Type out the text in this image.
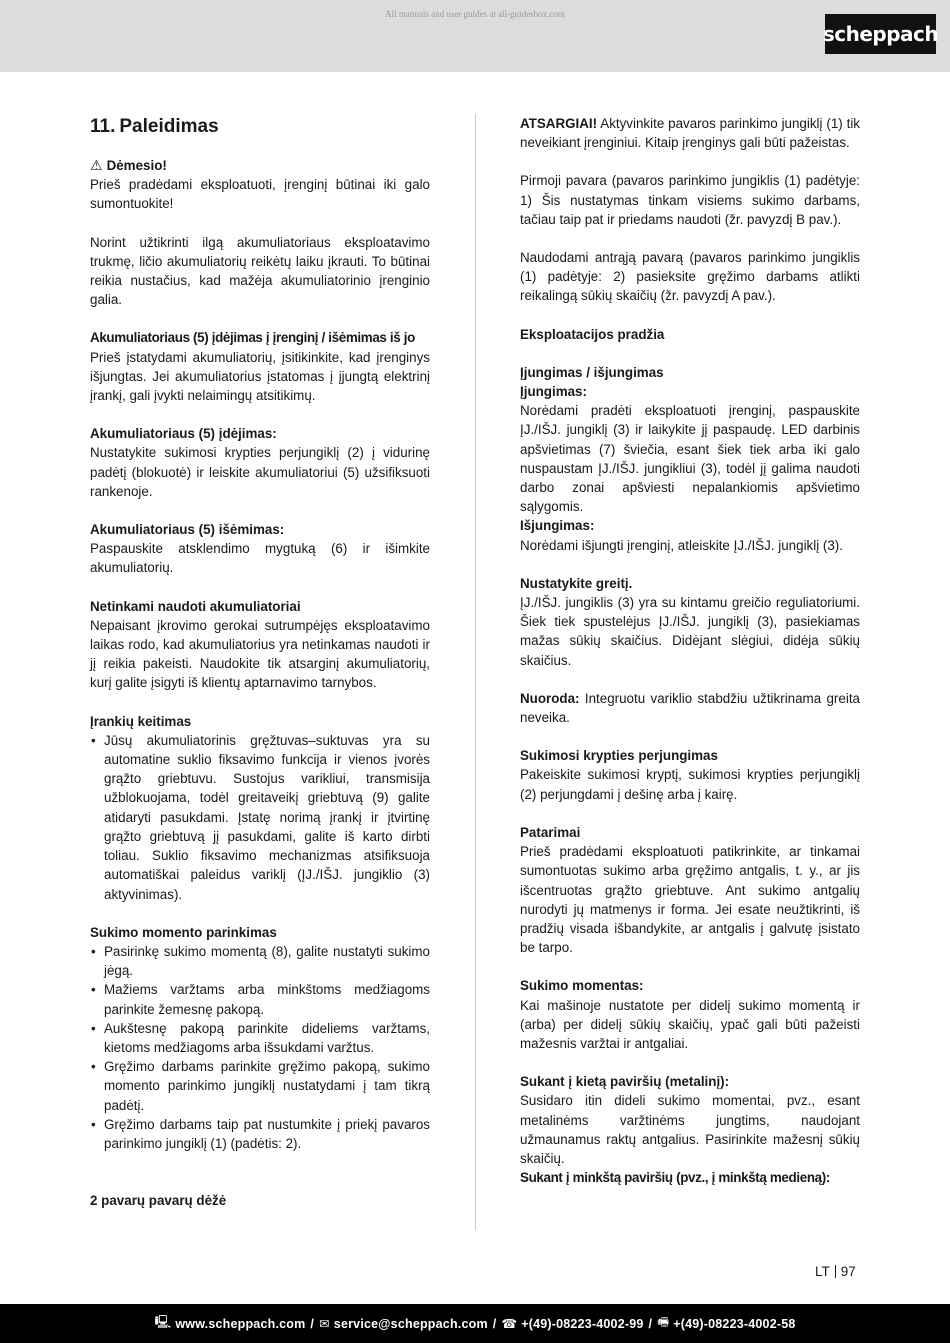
All manuals and user guides at all-guidesbox.com
scheppach
11. Paleidimas

⚠ Dėmesio!

Prieš pradėdami eksploatuoti, įrenginį būtinai iki galo sumontuokite!

Norint užtikrinti ilgą akumuliatoriaus eksploatavimo trukmę, ličio akumuliatorių reikėtų laiku įkrauti. To būtinai reikia nustačius, kad mažėja akumuliatorinio įrenginio galia.

Akumuliatoriaus (5) įdėjimas į įrenginį / išėmimas iš jo

Prieš įstatydami akumuliatorių, įsitikinkite, kad įrenginys išjungtas. Jei akumuliatorius įstatomas į įjungtą elektrinį įrankį, gali įvykti nelaimingų atsitikimų.

Akumuliatoriaus (5) įdėjimas:

Nustatykite sukimosi krypties perjungiklį (2) į vidurinę padėtį (blokuotė) ir leiskite akumuliatoriui (5) užsifiksuoti rankenoje.

Akumuliatoriaus (5) išėmimas:

Paspauskite atsklendimo mygtuką (6) ir išimkite akumuliatorių.

Netinkami naudoti akumuliatoriai

Nepaisant įkrovimo gerokai sutrumpėjęs eksploatavimo laikas rodo, kad akumuliatorius yra netinkamas naudoti ir jį reikia pakeisti. Naudokite tik atsarginį akumuliatorių, kurį galite įsigyti iš klientų aptarnavimo tarnybos.

Įrankių keitimas

• Jūsų akumuliatorinis gręžtuvas–suktuvas yra su automatine suklio fiksavimo funkcija ir vienos įvorės grąžto griebtuvu. Sustojus varikliui, transmisija užblokuojama, todėl greitaveikį griebtuvą (9) galite atidaryti pasukdami. Įstatę norimą įrankį ir įtvirtinę grąžto griebtuvą jį pasukdami, galite iš karto dirbti toliau. Suklio fiksavimo mechanizmas atsifiksuoja automatiškai paleidus variklį (ĮJ./IŠJ. jungiklio (3) aktyvinimas).

Sukimo momento parinkimas

• Pasirinkę sukimo momentą (8), galite nustatyti sukimo jėgą.
• Mažiems varžtams arba minkštoms medžiagoms parinkite žemesnę pakopą.
• Aukštesnę pakopą parinkite dideliems varžtams, kietoms medžiagoms arba išsukdami varžtus.
• Gręžimo darbams parinkite gręžimo pakopą, sukimo momento parinkimo jungiklį nustatydami į tam tikrą padėtį.
• Gręžimo darbams taip pat nustumkite į priekį pavaros parinkimo jungiklį (1) (padėtis: 2).

2 pavarų pavarų dėžė

ATSARGIAI! Aktyvinkite pavaros parinkimo jungiklį (1) tik neveikiant įrenginiui. Kitaip įrenginys gali būti pažeistas.

Pirmoji pavara (pavaros parinkimo jungiklis (1) padėtyje: 1) Šis nustatymas tinkam visiems sukimo darbams, tačiau taip pat ir priedams naudoti (žr. pavyzdį B pav.).

Naudodami antrąją pavarą (pavaros parinkimo jungiklis (1) padėtyje: 2) pasieksite gręžimo darbams atlikti reikalingą sūkių skaičių (žr. pavyzdį A pav.).

Eksploatacijos pradžia

Įjungimas / išjungimas

Įjungimas:

Norėdami pradėti eksploatuoti įrenginį, paspauskite ĮJ./IŠJ. jungiklį (3) ir laikykite jį paspaudę. LED darbinis apšvietimas (7) šviečia, esant šiek tiek arba iki galo nuspaustam ĮJ./IŠJ. jungikliui (3), todėl jį galima naudoti darbo zonai apšviesti nepalankiomis apšvietimo sąlygomis.

Išjungimas:

Norėdami išjungti įrenginį, atleiskite ĮJ./IŠJ. jungiklį (3).

Nustatykite greitį.

ĮJ./IŠJ. jungiklis (3) yra su kintamu greičio reguliatoriumi. Šiek tiek spustelėjus ĮJ./IŠJ. jungiklį (3), pasiekiamas mažas sūkių skaičius. Didėjant slėgiui, didėja sūkių skaičius.

Nuoroda: Integruotu variklio stabdžiu užtikrinama greita neveika.

Sukimosi krypties perjungimas

Pakeiskite sukimosi kryptį, sukimosi krypties perjungiklį (2) perjungdami į dešinę arba į kairę.

Patarimai

Prieš pradėdami eksploatuoti patikrinkite, ar tinkamai sumontuotas sukimo arba gręžimo antgalis, t. y., ar jis išcentruotas grąžto griebtuve. Ant sukimo antgalių nurodyti jų matmenys ir forma. Jei esate neužtikrinti, iš pradžių visada išbandykite, ar antgalis į galvutę įsistato be tarpo.

Sukimo momentas:

Kai mašinoje nustatote per didelį sukimo momentą ir (arba) per didelį sūkių skaičių, ypač gali būti pažeisti mažesnis varžtai ir antgaliai.

Sukant į kietą paviršių (metalinį):

Susidaro itin dideli sukimo momentai, pvz., esant metalinėms varžtinėms jungtims, naudojant užmaunamus raktų antgalius. Pasirinkite mažesnį sūkių skaičių.

Sukant į minkštą paviršių (pvz., į minkštą medieną):

LT 97
🖳 www.scheppach.com / ✉ service@scheppach.com / ☎ +(49)-08223-4002-99 / 🖷 +(49)-08223-4002-58
